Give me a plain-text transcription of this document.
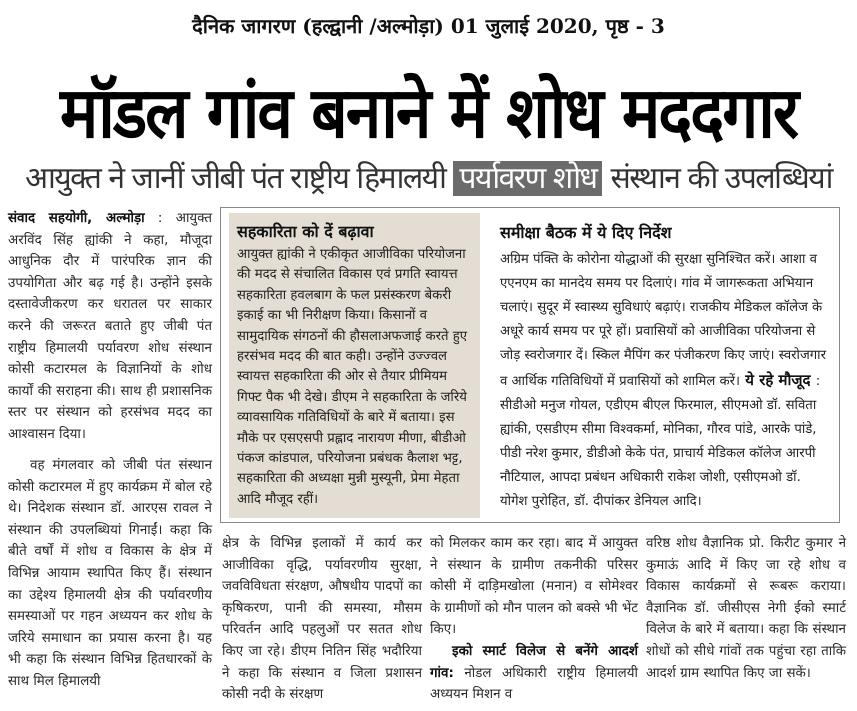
दैनिक जागरण (हल्द्वानी /अल्मोड़ा) 01 जुलाई 2020, पृष्ठ - 3
मॉडल गांव बनाने में शोध मददगार
आयुक्त ने जानीं जीबी पंत राष्ट्रीय हिमालयी पर्यावरण शोध संस्थान की उपलब्धियां

संवाद सहयोगी, अल्मोड़ा : आयुक्त अरविंद सिंह ह्यांकी ने कहा, मौजूदा आधुनिक दौर में पारंपरिक ज्ञान की उपयोगिता और बढ़ गई है। उन्होंने इसके दस्तावेजीकरण कर धरातल पर साकार करने की जरूरत बताते हुए जीबी पंत राष्ट्रीय हिमालयी पर्यावरण शोध संस्थान कोसी कटारमल के विज्ञानियों के शोध कार्यों की सराहना की। साथ ही प्रशासनिक स्तर पर संस्थान को हरसंभव मदद का आश्वासन दिया।

वह मंगलवार को जीबी पंत संस्थान कोसी कटारमल में हुए कार्यक्रम में बोल रहे थे। निदेशक संस्थान डॉ. आरएस रावल ने संस्थान की उपलब्धियां गिनाईं। कहा कि बीते वर्षों में शोध व विकास के क्षेत्र में विभिन्न आयाम स्थापित किए हैं। संस्थान का उद्देश्य हिमालयी क्षेत्र की पर्यावरणीय समस्याओं पर गहन अध्ययन कर शोध के जरिये समाधान का प्रयास करना है। यह भी कहा कि संस्थान विभिन्न हितधारकों के साथ मिल हिमालयी

सहकारिता को दें बढ़ावा
आयुक्त ह्यांकी ने एकीकृत आजीविका परियोजना की मदद से संचालित विकास एवं प्रगति स्वायत्त सहकारिता हवलबाग के फल प्रसंस्करण बेकरी इकाई का भी निरीक्षण किया। किसानों व सामुदायिक संगठनों की हौसलाअफजाई करते हुए हरसंभव मदद की बात कही। उन्होंने उज्ज्वल स्वायत्त सहकारिता की ओर से तैयार प्रीमियम गिफ्ट पैक भी देखे। डीएम ने सहकारिता के जरिये व्यावसायिक गतिविधियों के बारे में बताया। इस मौके पर एसएसपी प्रह्लाद नारायण मीणा, बीडीओ पंकज कांडपाल, परियोजना प्रबंधक कैलाश भट्ट, सहकारिता की अध्यक्षा मुन्नी मुस्यूनी, प्रेमा मेहता आदि मौजूद रहीं।
समीक्षा बैठक में ये दिए निर्देश
अग्रिम पंक्ति के कोरोना योद्धाओं की सुरक्षा सुनिश्चित करें। आशा व एएनएम का मानदेय समय पर दिलाएं। गांव में जागरूकता अभियान चलाएं। सुदूर में स्वास्थ्य सुविधाएं बढ़ाएं। राजकीय मेडिकल कॉलेज के अधूरे कार्य समय पर पूरे हों। प्रवासियों को आजीविका परियोजना से जोड़ स्वरोजगार दें। स्किल मैपिंग कर पंजीकरण किए जाएं। स्वरोजगार व आर्थिक गतिविधियों में प्रवासियों को शामिल करें। ये रहे मौजूद : सीडीओ मनुज गोयल, एडीएम बीएल फिरमाल, सीएमओ डॉ. सविता ह्यांकी, एसडीएम सीमा विश्वकर्मा, मोनिका, गौरव पांडे, आरके पांडे, पीडी नरेश कुमार, डीडीओ केके पंत, प्राचार्य मेडिकल कॉलेज आरपी नौटियाल, आपदा प्रबंधन अधिकारी राकेश जोशी, एसीएमओ डॉ. योगेश पुरोहित, डॉ. दीपांकर डेनियल आदि।

क्षेत्र के विभिन्न इलाकों में कार्य कर आजीविका वृद्धि, पर्यावरणीय सुरक्षा, जवविविधता संरक्षण, औषधीय पादपों का कृषिकरण, पानी की समस्या, मौसम परिवर्तन आदि पहलुओं पर सतत शोध किए जा रहे। डीएम नितिन सिंह भदौरिया ने कहा कि संस्थान व जिला प्रशासन कोसी नदी के संरक्षण

को मिलकर काम कर रहा। बाद में आयुक्त ने संस्थान के ग्रामीण तकनीकी परिसर कोसी में दाड़िमखोला (मनान) व सोमेश्वर के ग्रामीणों को मौन पालन को बक्से भी भेंट किए।

इको स्मार्ट विलेज से बनेंगे आदर्श गांव: नोडल अधिकारी राष्ट्रीय हिमालयी अध्ययन मिशन व

वरिष्ठ शोध वैज्ञानिक प्रो. किरीट कुमार ने कुमाऊं आदि में किए जा रहे शोध व विकास कार्यक्रमों से रूबरू कराया। वैज्ञानिक डॉ. जीसीएस नेगी ईको स्मार्ट विलेज के बारे में बताया। कहा कि संस्थान शोधों को सीधे गांवों तक पहुंचा रहा ताकि आदर्श ग्राम स्थापित किए जा सकें।
